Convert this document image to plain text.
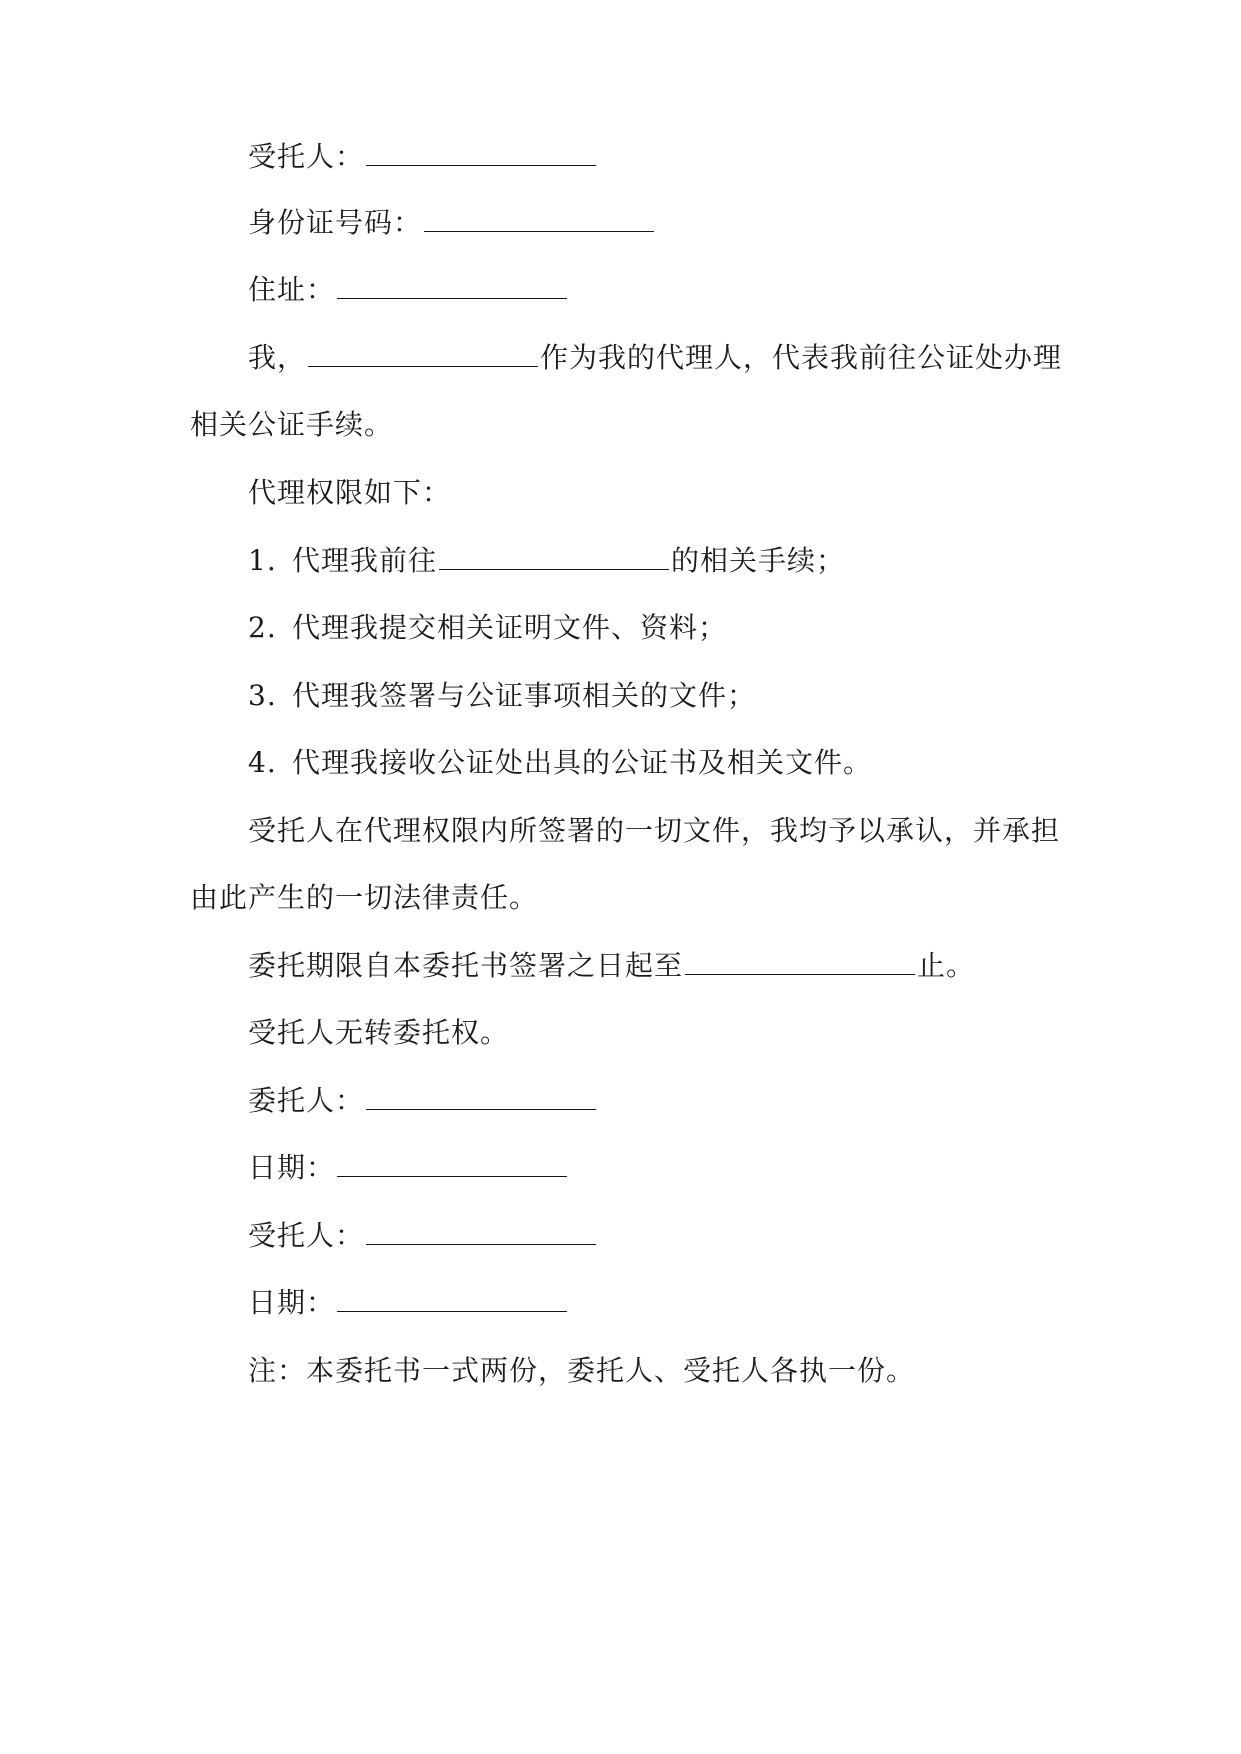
受托人：
身份证号码：
住址：
我，	作为我的代理人，代表我前往公证处办理
相关公证手续。
代理权限如下：
1. 代理我前往	的相关手续；
2. 代理我提交相关证明文件、资料；
3. 代理我签署与公证事项相关的文件；
4. 代理我接收公证处出具的公证书及相关文件。
受托人在代理权限内所签署的一切文件，我均予以承认，并承担
由此产生的一切法律责任。
委托期限自本委托书签署之日起至	止。
受托人无转委托权。
委托人：
日期：
受托人：
日期：
注：本委托书一式两份，委托人、受托人各执一份。
